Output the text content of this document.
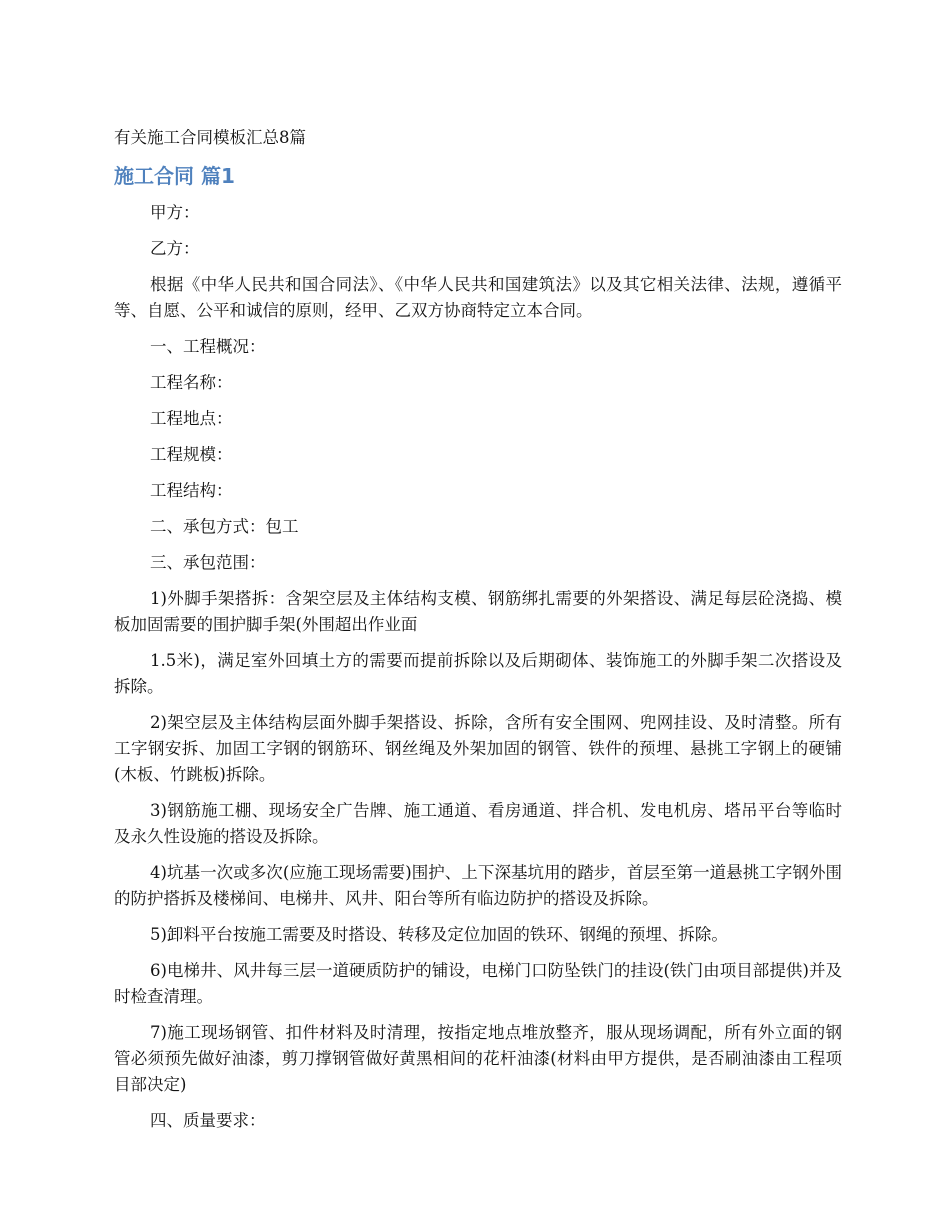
有关施工合同模板汇总8篇
施工合同 篇1

甲方：

乙方：

根据《中华人民共和国合同法》、《中华人民共和国建筑法》以及其它相关法律、法规，遵循平等、自愿、公平和诚信的原则，经甲、乙双方协商特定立本合同。

一、工程概况：

工程名称：

工程地点：

工程规模：

工程结构：

二、承包方式：包工

三、承包范围：

1)外脚手架搭拆：含架空层及主体结构支模、钢筋绑扎需要的外架搭设、满足每层砼浇捣、模板加固需要的围护脚手架(外围超出作业面

1.5米)，满足室外回填土方的需要而提前拆除以及后期砌体、装饰施工的外脚手架二次搭设及拆除。

2)架空层及主体结构层面外脚手架搭设、拆除，含所有安全围网、兜网挂设、及时清整。所有工字钢安拆、加固工字钢的钢筋环、钢丝绳及外架加固的钢管、铁件的预埋、悬挑工字钢上的硬铺(木板、竹跳板)拆除。

3)钢筋施工棚、现场安全广告牌、施工通道、看房通道、拌合机、发电机房、塔吊平台等临时及永久性设施的搭设及拆除。

4)坑基一次或多次(应施工现场需要)围护、上下深基坑用的踏步，首层至第一道悬挑工字钢外围的防护搭拆及楼梯间、电梯井、风井、阳台等所有临边防护的搭设及拆除。

5)卸料平台按施工需要及时搭设、转移及定位加固的铁环、钢绳的预埋、拆除。

6)电梯井、风井每三层一道硬质防护的铺设，电梯门口防坠铁门的挂设(铁门由项目部提供)并及时检查清理。

7)施工现场钢管、扣件材料及时清理，按指定地点堆放整齐，服从现场调配，所有外立面的钢管必须预先做好油漆，剪刀撑钢管做好黄黑相间的花杆油漆(材料由甲方提供，是否刷油漆由工程项目部决定)

四、质量要求：
